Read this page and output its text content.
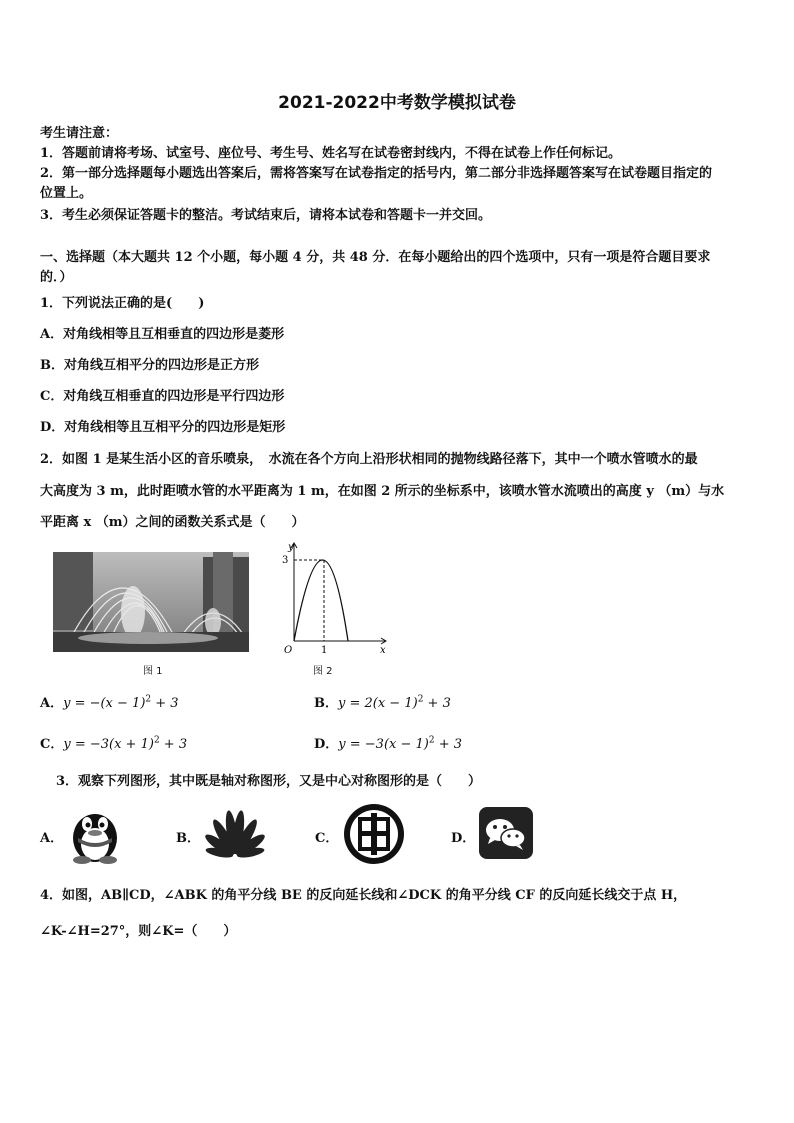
2021-2022中考数学模拟试卷
考生请注意：
1．答题前请将考场、试室号、座位号、考生号、姓名写在试卷密封线内，不得在试卷上作任何标记。
2．第一部分选择题每小题选出答案后，需将答案写在试卷指定的括号内，第二部分非选择题答案写在试卷题目指定的
位置上。
3．考生必须保证答题卡的整洁。考试结束后，请将本试卷和答题卡一并交回。
一、选择题（本大题共 12 个小题，每小题 4 分，共 48 分．在每小题给出的四个选项中，只有一项是符合题目要求
的．）
1．下列说法正确的是(　　)
A．对角线相等且互相垂直的四边形是菱形
B．对角线互相平分的四边形是正方形
C．对角线互相垂直的四边形是平行四边形
D．对角线相等且互相平分的四边形是矩形
2．如图 1 是某生活小区的音乐喷泉，　水流在各个方向上沿形状相同的抛物线路径落下，其中一个喷水管喷水的最
大高度为 3 m，此时距喷水管的水平距离为 1 m，在如图 2 所示的坐标系中，该喷水管水流喷出的高度 y （m）与水
平距离 x （m）之间的函数关系式是（　　）
图 1
3
y
O	1	x
图 2
A．$y = -(x - 1)^2 + 3$	B．$y = 2(x - 1)^2 + 3$
C．$y = -3(x + 1)^2 + 3$	D．$y = -3(x - 1)^2 + 3$
3．观察下列图形，其中既是轴对称图形，又是中心对称图形的是（　　）
A．	B．	C．	D．
4．如图，AB∥CD，∠ABK 的角平分线 BE 的反向延长线和∠DCK 的角平分线 CF 的反向延长线交于点 H，
∠K-∠H=27°，则∠K=（　　）
